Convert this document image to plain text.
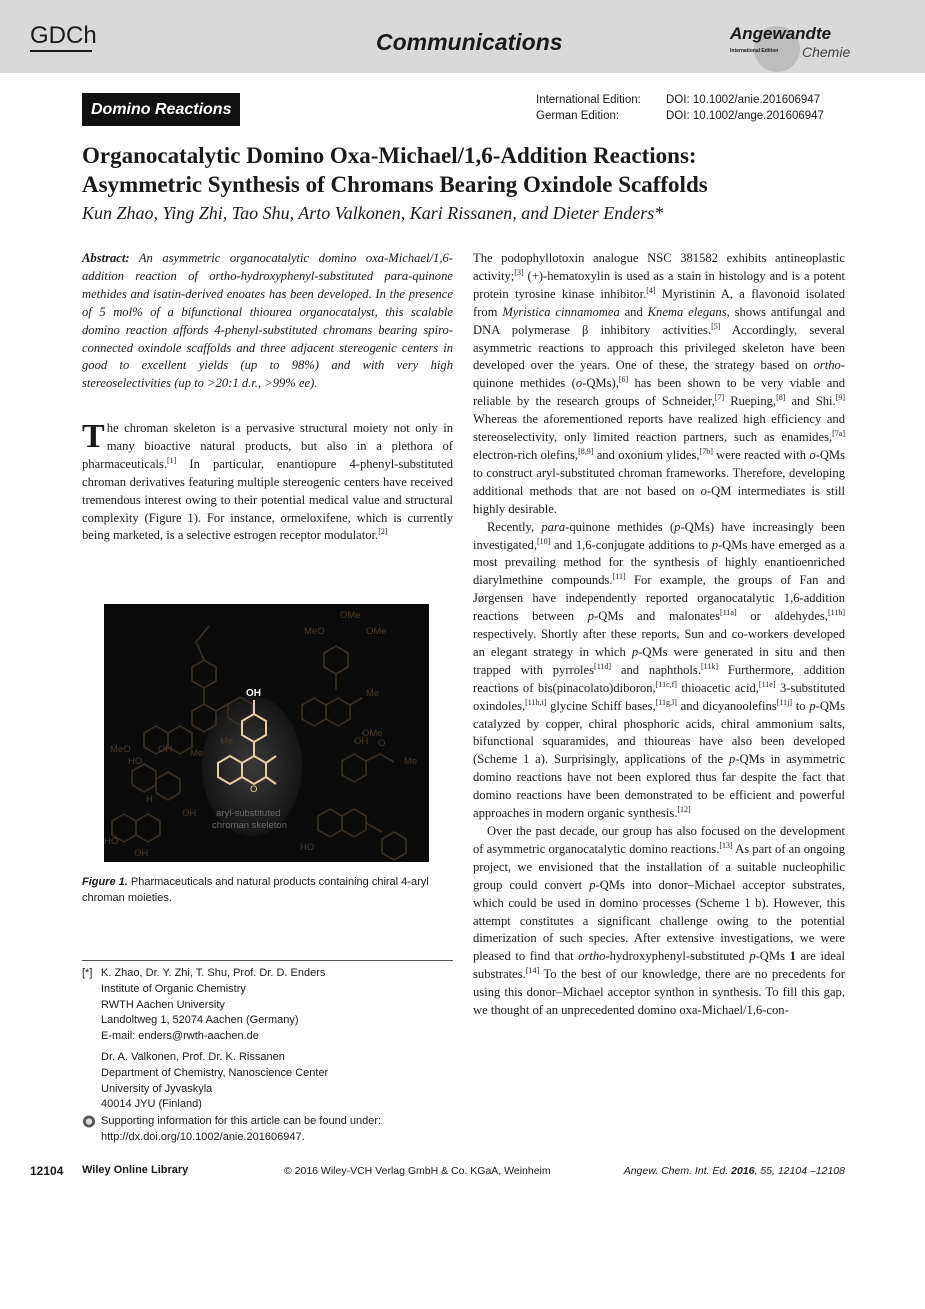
GDCh	Communications	Angewandte
International Edition Chemie
Domino Reactions
International Edition: DOI: 10.1002/anie.201606947
German Edition:	DOI: 10.1002/ange.201606947
Organocatalytic Domino Oxa-Michael/1,6-Addition Reactions:
Asymmetric Synthesis of Chromans Bearing Oxindole Scaffolds
Kun Zhao, Ying Zhi, Tao Shu, Arto Valkonen, Kari Rissanen, and Dieter Enders*
Abstract: An asymmetric organocatalytic domino oxa-Michael/1,6-addition reaction of ortho-hydroxyphenyl-substituted para-quinone methides and isatin-derived enoates has been developed. In the presence of 5 mol% of a bifunctional thiourea organocatalyst, this scalable domino reaction affords 4-phenyl-substituted chromans bearing spiro-connected oxindole scaffolds and three adjacent stereogenic centers in good to excellent yields (up to 98%) and with very high stereoselectivities (up to >20:1 d.r., >99% ee).
The chroman skeleton is a pervasive structural moiety not only in many bioactive natural products, but also in a plethora of pharmaceuticals.[1] In particular, enantiopure 4-phenyl-substituted chroman derivatives featuring multiple stereogenic centers have received tremendous interest owing to their potential medical value and structural complexity (Figure 1). For instance, ormeloxifene, which is currently being marketed, is a selective estrogen receptor modulator.[2]
MeO
Me
Me
MeO
OMe
OMe
Me
OMe
OH
HO
H
OH
HO
OH
OH O
Me
HO
OH
O
aryl-substituted
chroman skeleton
Figure 1. Pharmaceuticals and natural products containing chiral 4-aryl chroman moieties.
[*] K. Zhao, Dr. Y. Zhi, T. Shu, Prof. Dr. D. Enders
Institute of Organic Chemistry
RWTH Aachen University
Landoltweg 1, 52074 Aachen (Germany)
E-mail: enders@rwth-aachen.de
Dr. A. Valkonen, Prof. Dr. K. Rissanen
Department of Chemistry, Nanoscience Center
University of Jyvaskyla
40014 JYU (Finland)
Supporting information for this article can be found under:
http://dx.doi.org/10.1002/anie.201606947.

The podophyllotoxin analogue NSC 381582 exhibits antineoplastic activity;[3] (+)-hematoxylin is used as a stain in histology and is a potent protein tyrosine kinase inhibitor.[4] Myristinin A, a flavonoid isolated from Myristica cinnamomea and Knema elegans, shows antifungal and DNA polymerase β inhibitory activities.[5] Accordingly, several asymmetric reactions to approach this privileged skeleton have been developed over the years. One of these, the strategy based on ortho-quinone methides (o-QMs),[6] has been shown to be very viable and reliable by the research groups of Schneider,[7] Rueping,[8] and Shi.[9] Whereas the aforementioned reports have realized high efficiency and stereoselectivity, only limited reaction partners, such as enamides,[7a] electron-rich olefins,[8,9] and oxonium ylides,[7b] were reacted with o-QMs to construct aryl-substituted chroman frameworks. Therefore, developing additional methods that are not based on o-QM intermediates is still highly desirable.

Recently, para-quinone methides (p-QMs) have increasingly been investigated,[10] and 1,6-conjugate additions to p-QMs have emerged as a most prevailing method for the synthesis of highly enantioenriched diarylmethine compounds.[11] For example, the groups of Fan and Jørgensen have independently reported organocatalytic 1,6-addition reactions between p-QMs and malonates[11a] or aldehydes,[11b] respectively. Shortly after these reports, Sun and co-workers developed an elegant strategy in which p-QMs were generated in situ and then trapped with pyrroles[11d] and naphthols.[11k] Furthermore, addition reactions of bis(pinacolato)diboron,[11c,f] thioacetic acid,[11e] 3-substituted oxindoles,[11h,i] glycine Schiff bases,[11g,l] and dicyanoolefins[11j] to p-QMs catalyzed by copper, chiral phosphoric acids, chiral ammonium salts, bifunctional squaramides, and thioureas have also been developed (Scheme 1 a). Surprisingly, applications of the p-QMs in asymmetric domino reactions have not been explored thus far despite the fact that domino reactions have been demonstrated to be efficient and powerful approaches in modern organic synthesis.[12]

Over the past decade, our group has also focused on the development of asymmetric organocatalytic domino reactions.[13] As part of an ongoing project, we envisioned that the installation of a suitable nucleophilic group could convert p-QMs into donor–Michael acceptor substrates, which could be used in domino processes (Scheme 1 b). However, this attempt constitutes a significant challenge owing to the potential dimerization of such species. After extensive investigations, we were pleased to find that ortho-hydroxyphenyl-substituted p-QMs 1 are ideal substrates.[14] To the best of our knowledge, there are no precedents for using this donor–Michael acceptor synthon in synthesis. To fill this gap, we thought of an unprecedented domino oxa-Michael/1,6-con-

12104 Wiley Online Library	© 2016 Wiley-VCH Verlag GmbH & Co. KGaA, Weinheim	Angew. Chem. Int. Ed. 2016, 55, 12104 –12108
